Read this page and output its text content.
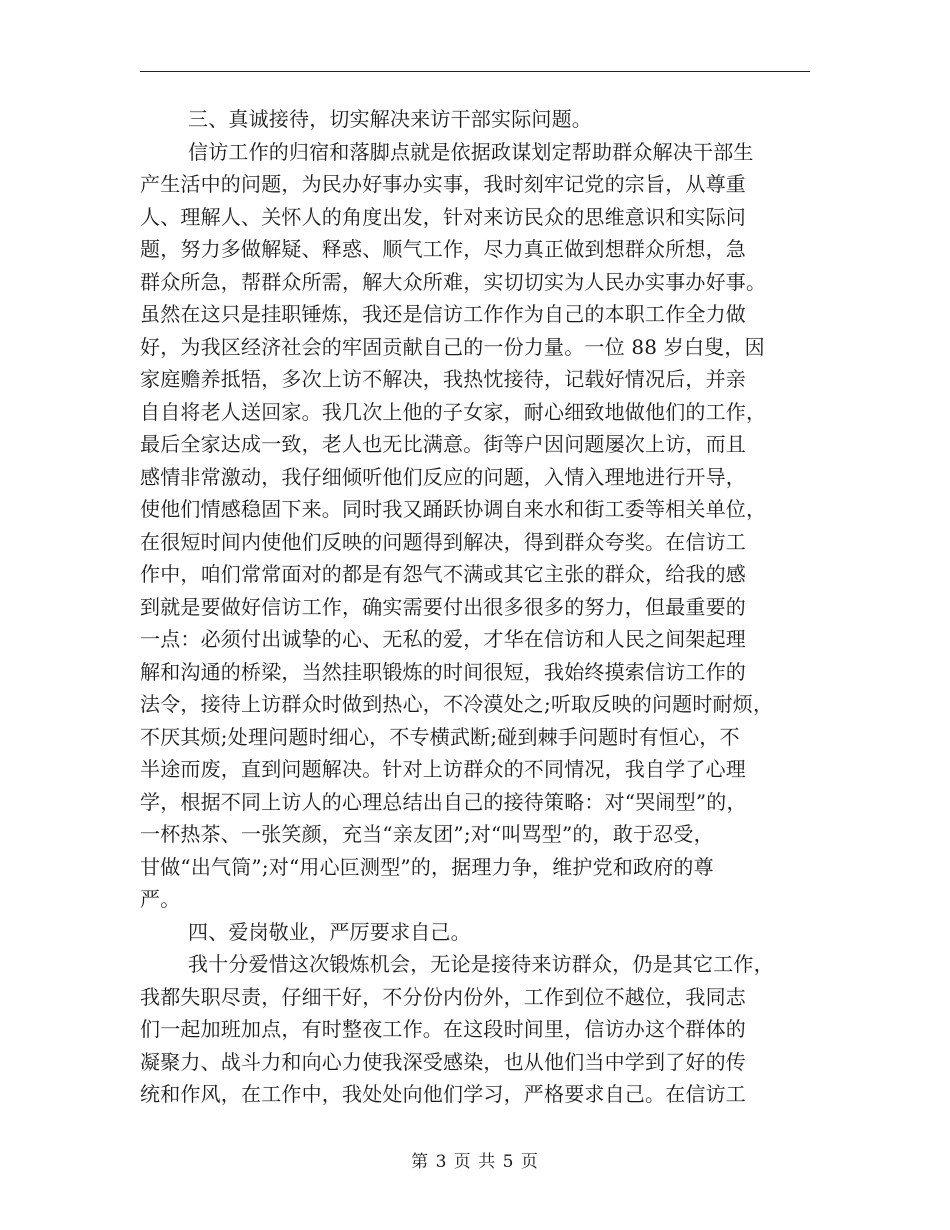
三、真诚接待，切实解决来访干部实际问题。
信访工作的归宿和落脚点就是依据政谋划定帮助群众解决干部生
产生活中的问题，为民办好事办实事，我时刻牢记党的宗旨，从尊重
人、理解人、关怀人的角度出发，针对来访民众的思维意识和实际问
题，努力多做解疑、释惑、顺气工作，尽力真正做到想群众所想，急
群众所急，帮群众所需，解大众所难，实切切实为人民办实事办好事。
虽然在这只是挂职锤炼，我还是信访工作作为自己的本职工作全力做
好，为我区经济社会的牢固贡献自己的一份力量。一位 88 岁白叟，因
家庭赡养抵牾，多次上访不解决，我热忱接待，记载好情况后，并亲
自自将老人送回家。我几次上他的子女家，耐心细致地做他们的工作，
最后全家达成一致，老人也无比满意。街等户因问题屡次上访，而且
感情非常激动，我仔细倾听他们反应的问题，入情入理地进行开导，
使他们情感稳固下来。同时我又踊跃协调自来水和街工委等相关单位，
在很短时间内使他们反映的问题得到解决，得到群众夸奖。在信访工
作中，咱们常常面对的都是有怨气不满或其它主张的群众，给我的感
到就是要做好信访工作，确实需要付出很多很多的努力，但最重要的
一点：必须付出诚挚的心、无私的爱，才华在信访和人民之间架起理
解和沟通的桥梁，当然挂职锻炼的时间很短，我始终摸索信访工作的
法令，接待上访群众时做到热心，不冷漠处之;听取反映的问题时耐烦，
不厌其烦;处理问题时细心，不专横武断;碰到棘手问题时有恒心，不
半途而废，直到问题解决。针对上访群众的不同情况，我自学了心理
学，根据不同上访人的心理总结出自己的接待策略：对“哭闹型”的，
一杯热茶、一张笑颜，充当“亲友团”;对“叫骂型”的，敢于忍受，
甘做“出气筒”;对“用心叵测型”的，据理力争，维护党和政府的尊
严。
四、爱岗敬业，严厉要求自己。
我十分爱惜这次锻炼机会，无论是接待来访群众，仍是其它工作，
我都失职尽责，仔细干好，不分份内份外，工作到位不越位，我同志
们一起加班加点，有时整夜工作。在这段时间里，信访办这个群体的
凝聚力、战斗力和向心力使我深受感染，也从他们当中学到了好的传
统和作风，在工作中，我处处向他们学习，严格要求自己。在信访工
第 3 页 共 5 页
